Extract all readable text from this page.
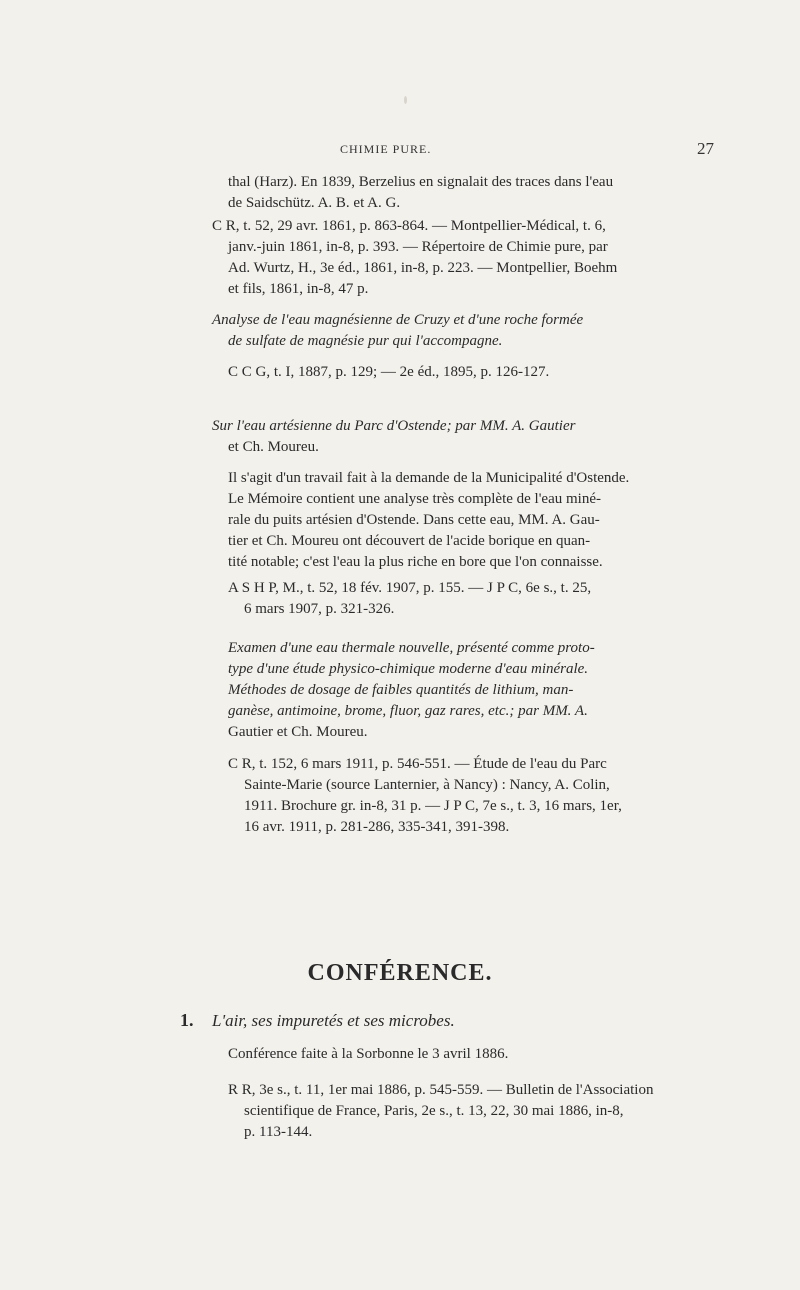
CHIMIE PURE.	27

thal (Harz). En 1839, Berzelius en signalait des traces dans l'eau

de Saidschütz. A. B. et A. G.

C R, t. 52, 29 avr. 1861, p. 863-864. — Montpellier-Médical, t. 6,

janv.-juin 1861, in-8, p. 393. — Répertoire de Chimie pure, par

Ad. Wurtz, H., 3e éd., 1861, in-8, p. 223. — Montpellier, Boehm

et fils, 1861, in-8, 47 p.

Analyse de l'eau magnésienne de Cruzy et d'une roche formée

de sulfate de magnésie pur qui l'accompagne.

C C G, t. I, 1887, p. 129; — 2e éd., 1895, p. 126-127.

Sur l'eau artésienne du Parc d'Ostende; par MM. A. Gautier

et Ch. Moureu.

Il s'agit d'un travail fait à la demande de la Municipalité d'Ostende.

Le Mémoire contient une analyse très complète de l'eau miné-

rale du puits artésien d'Ostende. Dans cette eau, MM. A. Gau-

tier et Ch. Moureu ont découvert de l'acide borique en quan-

tité notable; c'est l'eau la plus riche en bore que l'on connaisse.

A S H P, M., t. 52, 18 fév. 1907, p. 155. — J P C, 6e s., t. 25,

6 mars 1907, p. 321-326.

Examen d'une eau thermale nouvelle, présenté comme proto-

type d'une étude physico-chimique moderne d'eau minérale.

Méthodes de dosage de faibles quantités de lithium, man-

ganèse, antimoine, brome, fluor, gaz rares, etc.; par MM. A.

Gautier et Ch. Moureu.

C R, t. 152, 6 mars 1911, p. 546-551. — Étude de l'eau du Parc

Sainte-Marie (source Lanternier, à Nancy) : Nancy, A. Colin,

1911. Brochure gr. in-8, 31 p. — J P C, 7e s., t. 3, 16 mars, 1er,

16 avr. 1911, p. 281-286, 335-341, 391-398.

CONFÉRENCE.
1. L'air, ses impuretés et ses microbes.
Conférence faite à la Sorbonne le 3 avril 1886.

R R, 3e s., t. 11, 1er mai 1886, p. 545-559. — Bulletin de l'Association

scientifique de France, Paris, 2e s., t. 13, 22, 30 mai 1886, in-8,

p. 113-144.
